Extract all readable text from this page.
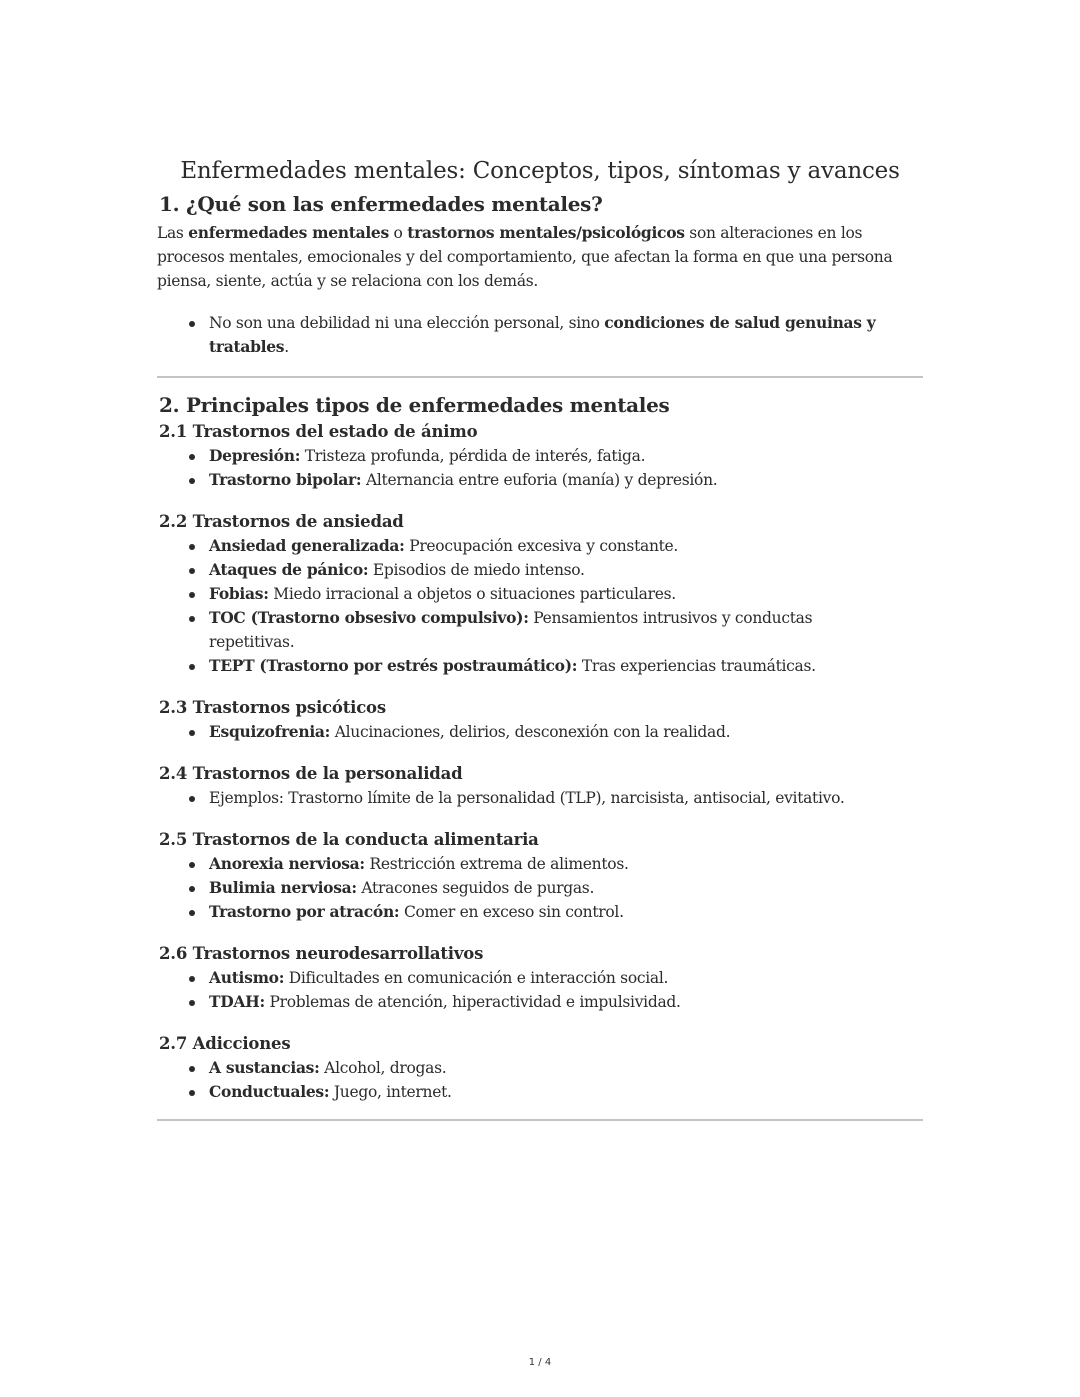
Enfermedades mentales: Conceptos, tipos, síntomas y avances
1. ¿Qué son las enfermedades mentales?

Las enfermedades mentales o trastornos mentales/psicológicos son alteraciones en los procesos mentales, emocionales y del comportamiento, que afectan la forma en que una persona piensa, siente, actúa y se relaciona con los demás.

No son una debilidad ni una elección personal, sino condiciones de salud genuinas y tratables.
2. Principales tipos de enfermedades mentales
2.1 Trastornos del estado de ánimo
Depresión: Tristeza profunda, pérdida de interés, fatiga.
Trastorno bipolar: Alternancia entre euforia (manía) y depresión.
2.2 Trastornos de ansiedad
Ansiedad generalizada: Preocupación excesiva y constante.
Ataques de pánico: Episodios de miedo intenso.
Fobias: Miedo irracional a objetos o situaciones particulares.
TOC (Trastorno obsesivo compulsivo): Pensamientos intrusivos y conductas repetitivas.
TEPT (Trastorno por estrés postraumático): Tras experiencias traumáticas.
2.3 Trastornos psicóticos
Esquizofrenia: Alucinaciones, delirios, desconexión con la realidad.
2.4 Trastornos de la personalidad
Ejemplos: Trastorno límite de la personalidad (TLP), narcisista, antisocial, evitativo.
2.5 Trastornos de la conducta alimentaria
Anorexia nerviosa: Restricción extrema de alimentos.
Bulimia nerviosa: Atracones seguidos de purgas.
Trastorno por atracón: Comer en exceso sin control.
2.6 Trastornos neurodesarrollativos
Autismo: Dificultades en comunicación e interacción social.
TDAH: Problemas de atención, hiperactividad e impulsividad.
2.7 Adicciones
A sustancias: Alcohol, drogas.
Conductuales: Juego, internet.
1 / 4
